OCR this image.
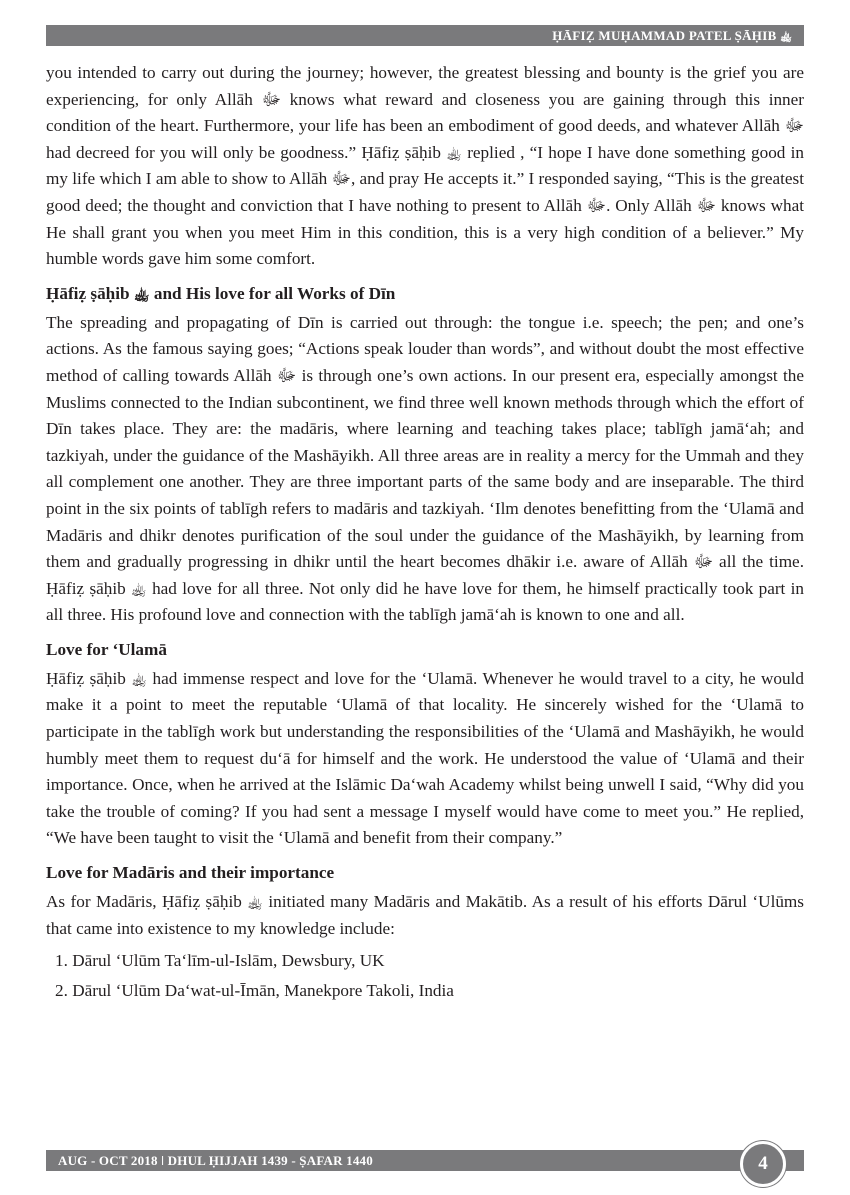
ḤĀFIẒ MUḤAMMAD PATEL ṢĀḤIB ﵀

you intended to carry out during the journey; however, the greatest blessing and bounty is the grief you are experiencing, for only Allāh ﷻ knows what reward and closeness you are gaining through this inner condition of the heart. Furthermore, your life has been an embodiment of good deeds, and whatever Allāh ﷻ had decreed for you will only be goodness.” Ḥāfiẓ ṣāḥib ﵀ replied , “I hope I have done something good in my life which I am able to show to Allāh ﷻ, and pray He accepts it.” I responded saying, “This is the greatest good deed; the thought and conviction that I have nothing to present to Allāh ﷻ. Only Allāh ﷻ knows what He shall grant you when you meet Him in this condition, this is a very high condition of a believer.” My humble words gave him some comfort.

Ḥāfiẓ ṣāḥib ﵀ and His love for all Works of Dīn

The spreading and propagating of Dīn is carried out through: the tongue i.e. speech; the pen; and one’s actions. As the famous saying goes; “Actions speak louder than words”, and without doubt the most effective method of calling towards Allāh ﷻ is through one’s own actions. In our present era, especially amongst the Muslims connected to the Indian subcontinent, we find three well known methods through which the effort of Dīn takes place. They are: the madāris, where learning and teaching takes place; tablīgh jamā‘ah; and tazkiyah, under the guidance of the Mashāyikh. All three areas are in reality a mercy for the Ummah and they all complement one another. They are three important parts of the same body and are inseparable. The third point in the six points of tablīgh refers to madāris and tazkiyah. ‘Ilm denotes benefitting from the ‘Ulamā and Madāris and dhikr denotes purification of the soul under the guidance of the Mashāyikh, by learning from them and gradually progressing in dhikr until the heart becomes dhākir i.e. aware of Allāh ﷻ all the time. Ḥāfiẓ ṣāḥib ﵀ had love for all three. Not only did he have love for them, he himself practically took part in all three. His profound love and connection with the tablīgh jamā‘ah is known to one and all.

Love for ‘Ulamā

Ḥāfiẓ ṣāḥib ﵀ had immense respect and love for the ‘Ulamā. Whenever he would travel to a city, he would make it a point to meet the reputable ‘Ulamā of that locality. He sincerely wished for the ‘Ulamā to participate in the tablīgh work but understanding the responsibilities of the ‘Ulamā and Mashāyikh, he would humbly meet them to request du‘ā for himself and the work. He understood the value of ‘Ulamā and their importance. Once, when he arrived at the Islāmic Da‘wah Academy whilst being unwell I said, “Why did you take the trouble of coming? If you had sent a message I myself would have come to meet you.” He replied, “We have been taught to visit the ‘Ulamā and benefit from their company.”

Love for Madāris and their importance

As for Madāris, Ḥāfiẓ ṣāḥib ﵀ initiated many Madāris and Makātib. As a result of his efforts Dārul ‘Ulūms that came into existence to my knowledge include:

1. Dārul ‘Ulūm Ta‘līm-ul-Islām, Dewsbury, UK
2. Dārul ‘Ulūm Da‘wat-ul-Īmān, Manekpore Takoli, India
AUG - OCT 2018 ǀ DHUL ḤIJJAH 1439 - ṢAFAR 1440	4
